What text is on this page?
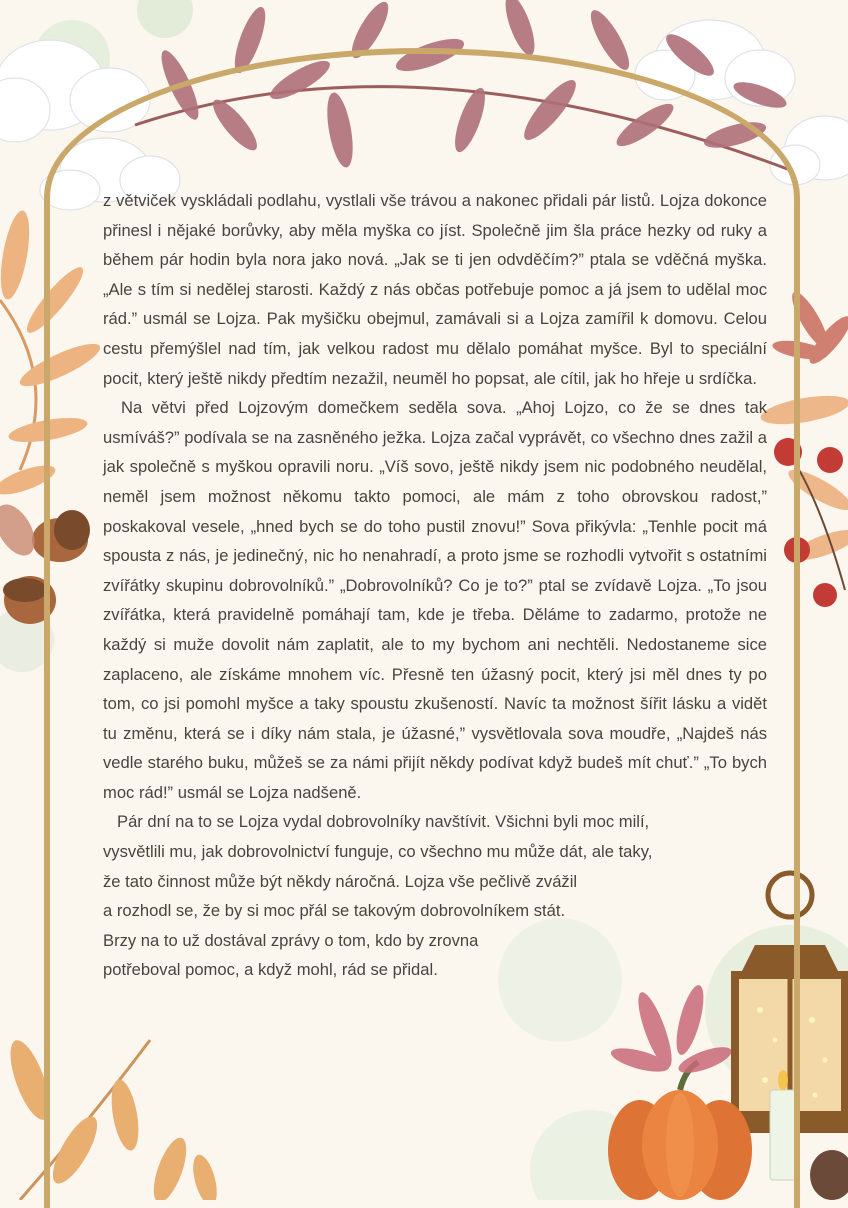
z větviček vyskládali podlahu, vystlali vše trávou a nakonec přidali pár listů. Lojza dokonce přinesl i nějaké borůvky, aby měla myška co jíst. Společně jim šla práce hezky od ruky a během pár hodin byla nora jako nová. „Jak se ti jen odvděčím?” ptala se vděčná myška. „Ale s tím si nedělej starosti. Každý z nás občas potřebuje pomoc a já jsem to udělal moc rád.” usmál se Lojza. Pak myšičku obejmul, zamávali si a Lojza zamířil k domovu. Celou cestu přemýšlel nad tím, jak velkou radost mu dělalo pomáhat myšce. Byl to speciální pocit, který ještě nikdy předtím nezažil, neuměl ho popsat, ale cítil, jak ho hřeje u srdíčka.

Na větvi před Lojzovým domečkem seděla sova. „Ahoj Lojzo, co že se dnes tak usmíváš?” podívala se na zasněného ježka. Lojza začal vyprávět, co všechno dnes zažil a jak společně s myškou opravili noru. „Víš sovo, ještě nikdy jsem nic podobného neudělal, neměl jsem možnost někomu takto pomoci, ale mám z toho obrovskou radost,” poskakoval vesele, „hned bych se do toho pustil znovu!” Sova přikývla: „Tenhle pocit má spousta z nás, je jedinečný, nic ho nenahradí, a proto jsme se rozhodli vytvořit s ostatními zvířátky skupinu dobrovolníků.” „Dobrovolníků? Co je to?” ptal se zvídavě Lojza. „To jsou zvířátka, která pravidelně pomáhají tam, kde je třeba. Děláme to zadarmo, protože ne každý si muže dovolit nám zaplatit, ale to my bychom ani nechtěli. Nedostaneme sice zaplaceno, ale získáme mnohem víc. Přesně ten úžasný pocit, který jsi měl dnes ty po tom, co jsi pomohl myšce a taky spoustu zkušeností. Navíc ta možnost šířit lásku a vidět tu změnu, která se i díky nám stala, je úžasné,” vysvětlovala sova moudře, „Najdeš nás vedle starého buku, můžeš se za námi přijít někdy podívat když budeš mít chuť.” „To bych moc rád!” usmál se Lojza nadšeně.

Pár dní na to se Lojza vydal dobrovolníky navštívit. Všichni byli moc milí,
vysvětlili mu, jak dobrovolnictví funguje, co všechno mu může dát, ale taky,
že tato činnost může být někdy náročná. Lojza vše pečlivě zvážil
a rozhodl se, že by si moc přál se takovým dobrovolníkem stát.
Brzy na to už dostával zprávy o tom, kdo by zrovna
potřeboval pomoc, a když mohl, rád se přidal.
